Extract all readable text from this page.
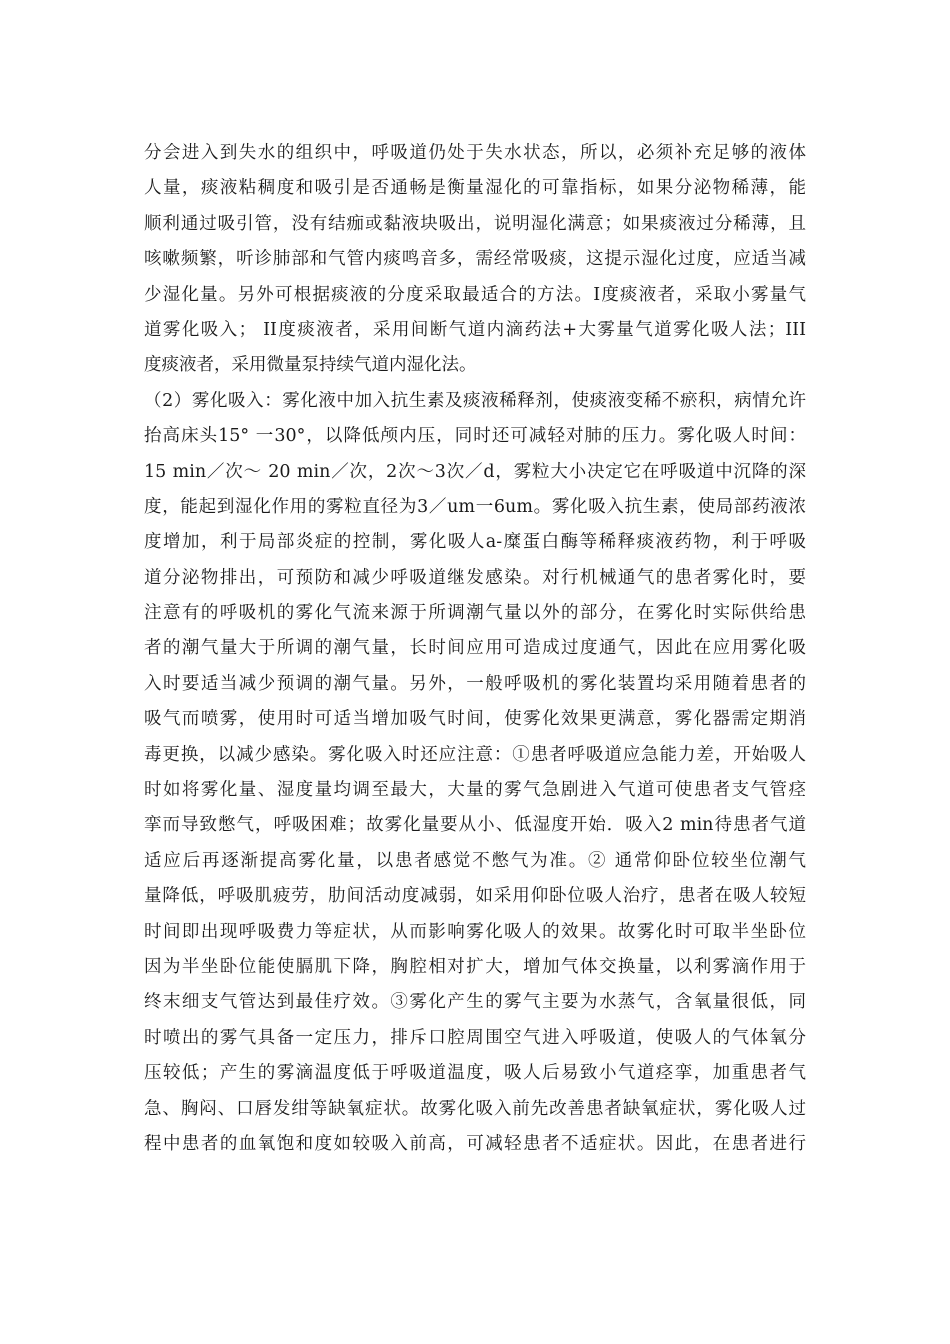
分会进入到失水的组织中，呼吸道仍处于失水状态，所以，必须补充足够的液体
人量，痰液粘稠度和吸引是否通畅是衡量湿化的可靠指标，如果分泌物稀薄，能
顺利通过吸引管，没有结痂或黏液块吸出，说明湿化满意；如果痰液过分稀薄，且
咳嗽频繁，听诊肺部和气管内痰鸣音多，需经常吸痰，这提示湿化过度，应适当减
少湿化量。另外可根据痰液的分度采取最适合的方法。I度痰液者，采取小雾量气
道雾化吸入； II度痰液者，采用间断气道内滴药法+大雾量气道雾化吸人法；III
度痰液者，采用微量泵持续气道内湿化法。
（2）雾化吸入：雾化液中加入抗生素及痰液稀释剂，使痰液变稀不瘀积，病情允许
抬高床头15° 一30°，以降低颅内压，同时还可减轻对肺的压力。雾化吸人时间：
15 min／次～ 20 min／次，2次～3次／d，雾粒大小决定它在呼吸道中沉降的深
度，能起到湿化作用的雾粒直径为3／um一6um。雾化吸入抗生素，使局部药液浓
度增加，利于局部炎症的控制，雾化吸人a-糜蛋白酶等稀释痰液药物，利于呼吸
道分泌物排出，可预防和减少呼吸道继发感染。对行机械通气的患者雾化时，要
注意有的呼吸机的雾化气流来源于所调潮气量以外的部分，在雾化时实际供给患
者的潮气量大于所调的潮气量，长时间应用可造成过度通气，因此在应用雾化吸
入时要适当减少预调的潮气量。另外，一般呼吸机的雾化装置均采用随着患者的
吸气而喷雾，使用时可适当增加吸气时间，使雾化效果更满意，雾化器需定期消
毒更换，以减少感染。雾化吸入时还应注意：①患者呼吸道应急能力差，开始吸人
时如将雾化量、湿度量均调至最大，大量的雾气急剧进入气道可使患者支气管痉
挛而导致憋气，呼吸困难；故雾化量要从小、低湿度开始．吸入2 min待患者气道
适应后再逐渐提高雾化量，以患者感觉不憋气为准。② 通常仰卧位较坐位潮气
量降低，呼吸肌疲劳，肋间活动度减弱，如采用仰卧位吸人治疗，患者在吸人较短
时间即出现呼吸费力等症状，从而影响雾化吸人的效果。故雾化时可取半坐卧位
因为半坐卧位能使膈肌下降，胸腔相对扩大，增加气体交换量，以利雾滴作用于
终末细支气管达到最佳疗效。③雾化产生的雾气主要为水蒸气，含氧量很低，同
时喷出的雾气具备一定压力，排斥口腔周围空气进入呼吸道，使吸人的气体氧分
压较低；产生的雾滴温度低于呼吸道温度，吸人后易致小气道痉挛，加重患者气
急、胸闷、口唇发绀等缺氧症状。故雾化吸入前先改善患者缺氧症状，雾化吸人过
程中患者的血氧饱和度如较吸入前高，可减轻患者不适症状。因此，在患者进行
